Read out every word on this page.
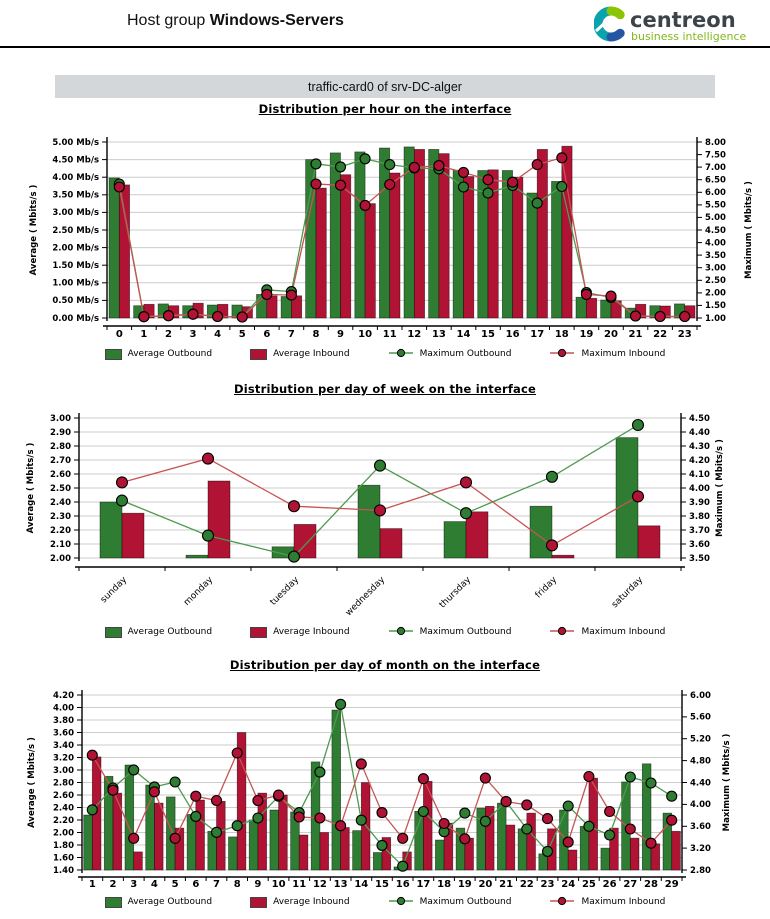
Host group Windows-Servers	centreon
business intelligence
traffic-card0 of srv-DC-alger
Distribution per hour on the interface
5.00 Mb/s
4.50 Mb/s
4.00 Mb/s
3.50 Mb/s
3.00 Mb/s
2.50 Mb/s
2.00 Mb/s
1.50 Mb/s
1.00 Mb/s
0.50 Mb/s
0.00 Mb/s
8.00
7.50
7.00
6.50
6.00
5.50
5.00
4.50
4.00
3.50
3.00
2.50
2.00
1.50
1.00
0 1 2 3 4 5 6 7 8 9 10 11 12 13 14 15 16 17 18 19 20 21 22 23
Average ( Mbits/s )	Maximum ( Mbits/s )
Average Outbound	Average Inbound	Maximum Outbound	Maximum Inbound
Distribution per day of week on the interface
3.00
2.90
2.80
2.70
2.60
2.50
2.40
2.30
2.20
2.10
2.00
4.50
4.40
4.30
4.20
4.10
4.00
3.90
3.80
3.70
3.60
3.50
sunday	monday	tuesday	wednesday	thursday	friday	saturday
Average ( Mbits/s )	Maximum ( Mbits/s )
Average Outbound	Average Inbound	Maximum Outbound	Maximum Inbound
Distribution per day of month on the interface
4.20
4.00
3.80
3.60
3.40
3.20
3.00
2.80
2.60
2.40
2.20
2.00
1.80
1.60
1.40
6.00
5.60
5.20
4.80
4.40
4.00
3.60
3.20
2.80
1 2 3 4 5 6 7 8 9 10 11 12 13 14 15 16 17 18 19 20 21 22 23 24 25 26 27 28 29
Average ( Mbits/s )	Maximum ( Mbits/s )
Average Outbound	Average Inbound	Maximum Outbound	Maximum Inbound
